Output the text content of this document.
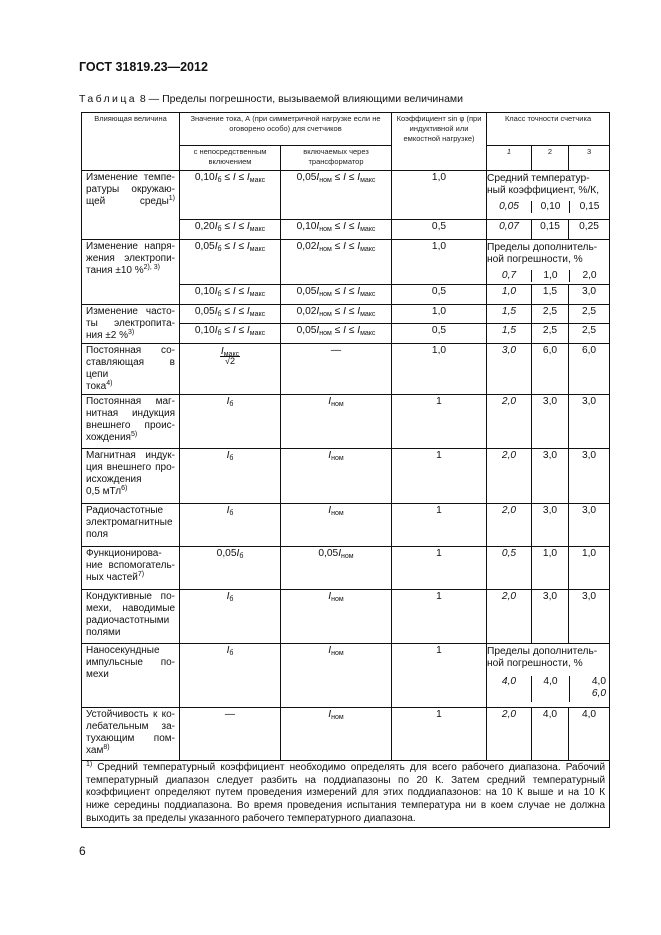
ГОСТ 31819.23—2012
Таблица 8 — Пределы погрешности, вызываемой влияющими величинами
Влияющая величина	Значение тока, А (при симметричной нагрузке если не оговорено особо) для счетчиков	Коэффициент sin φ (при индуктивной или емкостной нагрузке)	Класс точности счетчика
с непосредственным включением	включаемых через трансформатор	1	2	3

Изменение темпе-
ратуры окружаю-
щей среды$^{1)}$
	$0,10I_б \le I \le I_{макс}$	$0,05I_{ном} \le I \le I_{макс}$	1,0	Средний температур-
ный коэффициент, %/К,
0,05	0,10	0,15

$0,20I_б \le I \le I_{макс}$	$0,10I_{ном} \le I \le I_{макс}$	0,5	0,07	0,15	0,25

Изменение напря-
жения электропи-
тания ±10 %$^{2), 3)}$
	$0,05I_б \le I \le I_{макс}$	$0,02I_{ном} \le I \le I_{макс}$	1,0	Пределы дополнитель-
ной погрешности, %
0,7	1,0	2,0

$0,10I_б \le I \le I_{макс}$	$0,05I_{ном} \le I \le I_{макс}$	0,5	1,0	1,5	3,0

Изменение часто-
ты электропита-
ния ±2 %$^{3)}$
	$0,05I_б \le I \le I_{макс}$	$0,02I_{ном} \le I \le I_{макс}$	1,0	1,5	2,5	2,5
$0,10I_б \le I \le I_{макс}$	$0,05I_{ном} \le I \le I_{макс}$	0,5	1,5	2,5	2,5

Постоянная со-
ставляющая в цепи
тока$^{4)}$

$\frac{I_{макс}}{√2}$	—	1,0	3,0	6,0	6,0

Постоянная маг-
нитная индукция
внешнего проис-
хождения$^{5)}$
	$I_б$	$I_{ном}$	1	2,0	3,0	3,0

Магнитная индук-
ция внешнего про-
исхождения
0,5 мТл$^{6)}$
	$I_б$	$I_{ном}$	1	2,0	3,0	3,0

Радиочастотные
электромагнитные
поля
	$I_б$	$I_{ном}$	1	2,0	3,0	3,0

Функционирова-
ние вспомогатель-
ных частей$^{7)}$
	$0,05I_б$	$0,05I_{ном}$	1	0,5	1,0	1,0

Кондуктивные по-
мехи, наводимые
радиочастотными
полями
	$I_б$	$I_{ном}$	1	2,0	3,0	3,0

Наносекундные
импульсные по-
мехи
	$I_б$	$I_{ном}$	1	Пределы дополнитель-
ной погрешности, %
4,0	4,0	4,0
6,0

Устойчивость к ко-
лебательным за-
тухающим пом-
хам$^{8)}$
	—	$I_{ном}$	1	2,0	4,0	4,0
$^{1)}$ Средний температурный коэффициент необходимо определять для всего рабочего диапазона. Рабочий температурный диапазон следует разбить на поддиапазоны по 20 К. Затем средний температурный коэффициент определяют путем проведения измерений для этих поддиапазонов: на 10 К выше и на 10 К ниже середины поддиапазона. Во время проведения испытания температура ни в коем случае не должна выходить за пределы указанного рабочего температурного диапазона.
6
